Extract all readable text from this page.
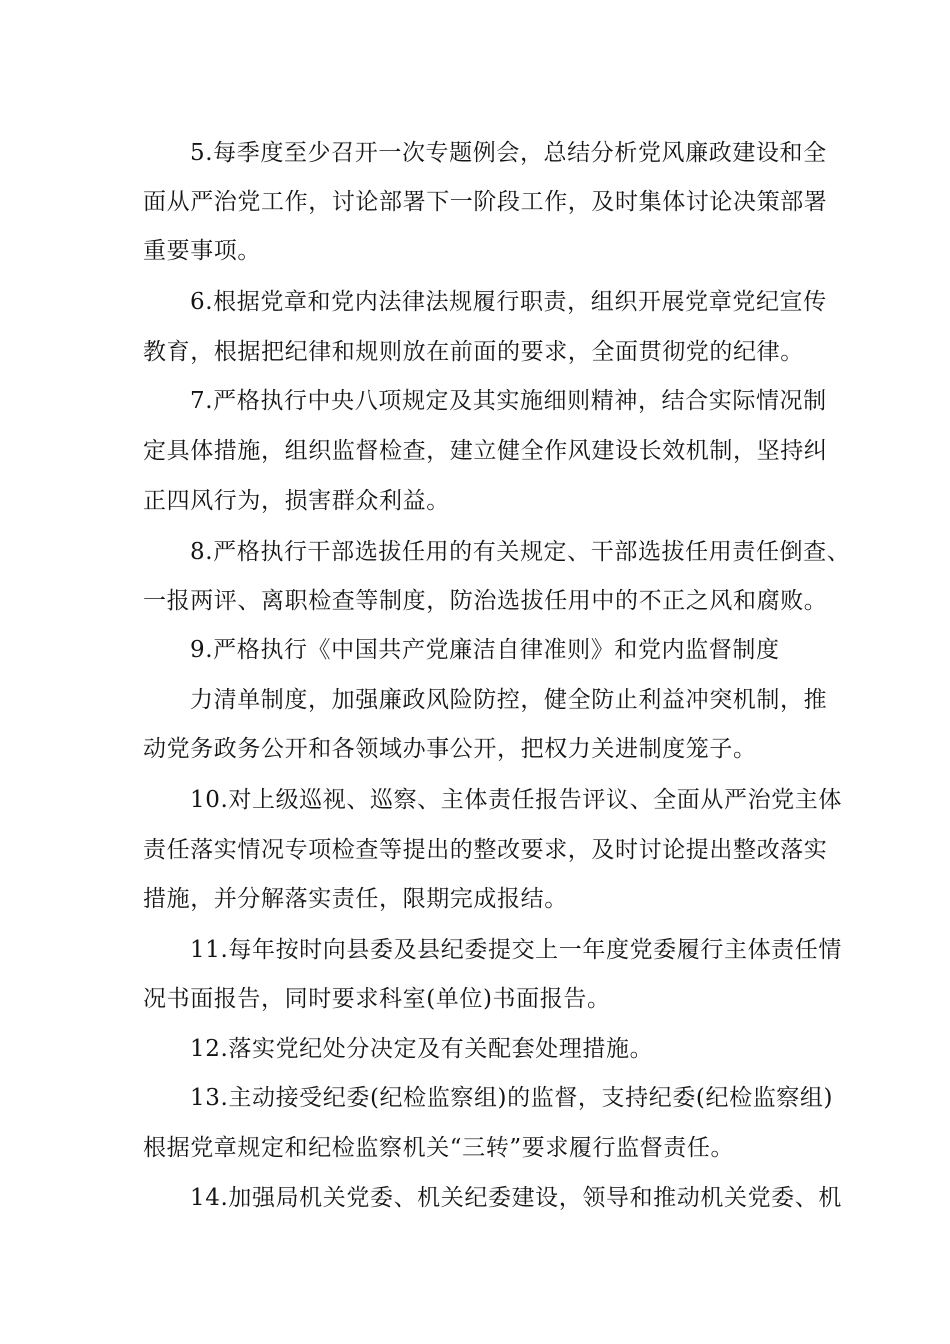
5.每季度至少召开一次专题例会，总结分析党风廉政建设和全
面从严治党工作，讨论部署下一阶段工作，及时集体讨论决策部署
重要事项。
6.根据党章和党内法律法规履行职责，组织开展党章党纪宣传
教育，根据把纪律和规则放在前面的要求，全面贯彻党的纪律。
7.严格执行中央八项规定及其实施细则精神，结合实际情况制
定具体措施，组织监督检查，建立健全作风建设长效机制，坚持纠
正四风行为，损害群众利益。
8.严格执行干部选拔任用的有关规定、干部选拔任用责任倒查、
一报两评、离职检查等制度，防治选拔任用中的不正之风和腐败。
9.严格执行《中国共产党廉洁自律准则》和党内监督制度
力清单制度，加强廉政风险防控，健全防止利益冲突机制，推
动党务政务公开和各领域办事公开，把权力关进制度笼子。
10.对上级巡视、巡察、主体责任报告评议、全面从严治党主体
责任落实情况专项检查等提出的整改要求，及时讨论提出整改落实
措施，并分解落实责任，限期完成报结。
11.每年按时向县委及县纪委提交上一年度党委履行主体责任情
况书面报告，同时要求科室(单位)书面报告。
12.落实党纪处分决定及有关配套处理措施。
13.主动接受纪委(纪检监察组)的监督，支持纪委(纪检监察组)
根据党章规定和纪检监察机关“三转”要求履行监督责任。
14.加强局机关党委、机关纪委建设，领导和推动机关党委、机
